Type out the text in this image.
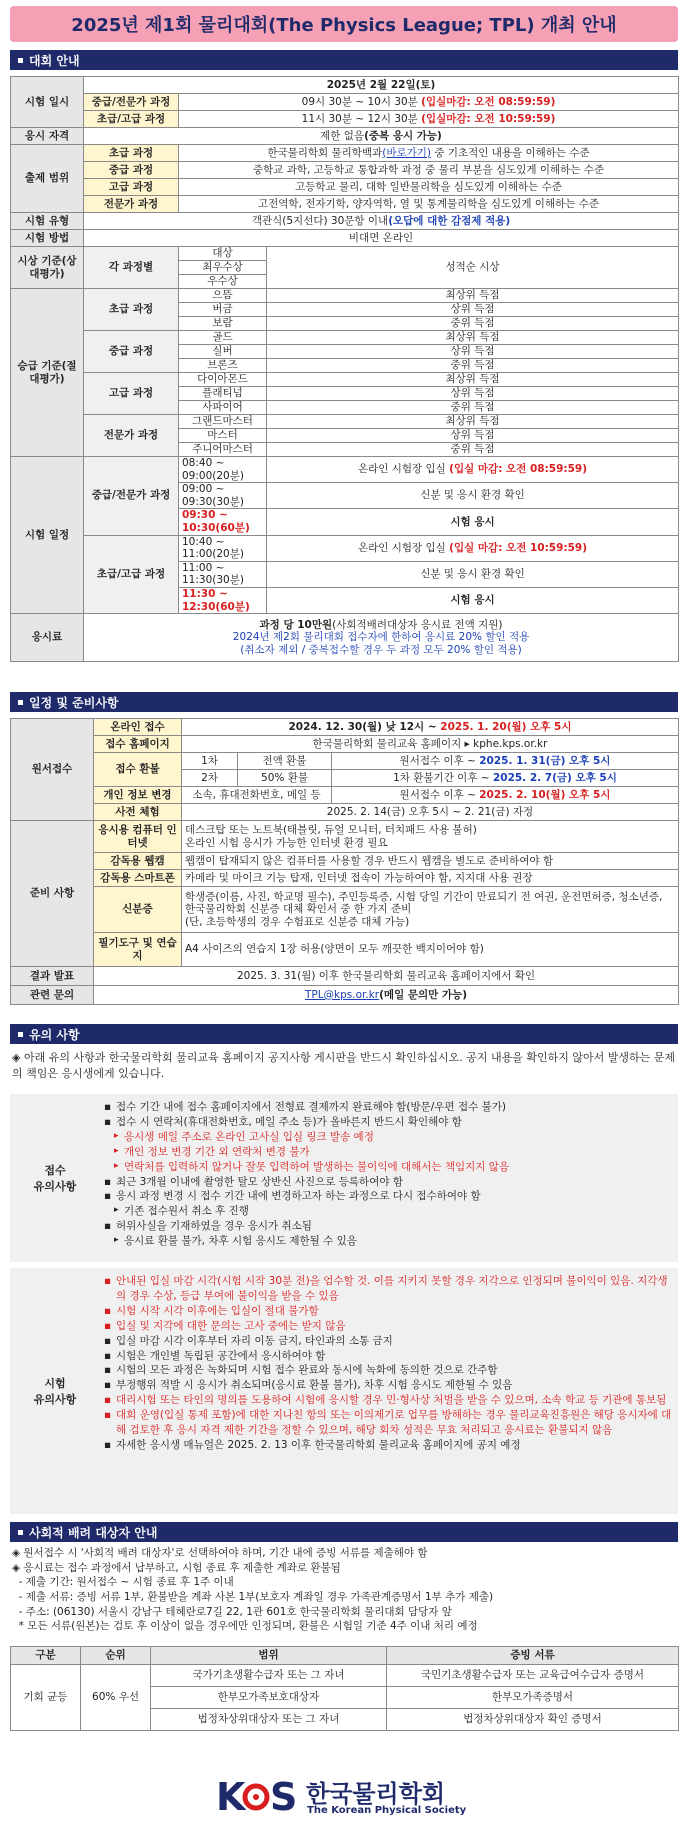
2025년 제1회 물리대회(The Physics League; TPL) 개최 안내
대회 안내
시험 일시	2025년 2월 22일(토)		
	중급/전문가 과정	09시 30분 ~ 10시 30분 (입실마감: 오전 08:59:59)	
	초급/고급 과정	11시 30분 ~ 12시 30분 (입실마감: 오전 10:59:59)	
응시 자격	제한 없음(중복 응시 가능)		
출제 범위	초급 과정	한국물리학회 물리학백과(바로가기) 중 기초적인 내용을 이해하는 수준	
	중급 과정	중학교 과학, 고등학교 통합과학 과정 중 물리 부분을 심도있게 이해하는 수준	
	고급 과정	고등학교 물리, 대학 일반물리학을 심도있게 이해하는 수준	
	전문가 과정	고전역학, 전자기학, 양자역학, 열 및 통계물리학을 심도있게 이해하는 수준	
시험 유형	객관식(5지선다) 30문항 이내(오답에 대한 감점제 적용)		
시험 방법	비대면 온라인		
시상 기준(상대평가)	각 과정별	대상	성적순 시상
		최우수상	
		우수상	
승급 기준(절대평가)	초급 과정	으뜸	최상위 득점
		버금	상위 득점
		보람	중위 득점
	중급 과정	골드	최상위 득점
		실버	상위 득점
		브론즈	중위 득점
	고급 과정	다이아몬드	최상위 득점
		플래티넘	상위 득점
		사파이어	중위 득점
	전문가 과정	그랜드마스터	최상위 득점
		마스터	상위 득점
		주니어마스터	중위 득점
시험 일정	중급/전문가 과정	08:40 ~ 09:00(20분)	온라인 시험장 입실 (입실 마감: 오전 08:59:59)
		09:00 ~ 09:30(30분)	신분 및 응시 환경 확인
		09:30 ~ 10:30(60분)	시험 응시
	초급/고급 과정	10:40 ~ 11:00(20분)	온라인 시험장 입실 (입실 마감: 오전 10:59:59)
		11:00 ~ 11:30(30분)	신분 및 응시 환경 확인
		11:30 ~ 12:30(60분)	시험 응시
응시료	과정 당 10만원(사회적배려대상자 응시료 전액 지원)
2024년 제2회 물리대회 접수자에 한하여 응시료 20% 할인 적용
(취소자 제외 / 중복접수할 경우 두 과정 모두 20% 할인 적용)		
일정 및 준비사항
원서접수	온라인 접수	2024. 12. 30(월) 낮 12시 ~ 2025. 1. 20(월) 오후 5시		
	접수 홈페이지	한국물리학회 물리교육 홈페이지 ▸ kphe.kps.or.kr		
	접수 환불	1차	전액 환불	원서접수 이후 ~ 2025. 1. 31(금) 오후 5시
		2차	50% 환불	1차 환불기간 이후 ~ 2025. 2. 7(금) 오후 5시
	개인 정보 변경	소속, 휴대전화번호, 메일 등		원서접수 이후 ~ 2025. 2. 10(월) 오후 5시
	사전 체험	2025. 2. 14(금) 오후 5시 ~ 2. 21(금) 자정		
준비 사항	응시용 컴퓨터 인터넷	데스크탑 또는 노트북(태블릿, 듀얼 모니터, 터치패드 사용 불허)
온라인 시험 응시가 가능한 인터넷 환경 필요		
	감독용 웹캠	웹캠이 탑재되지 않은 컴퓨터를 사용할 경우 반드시 웹캠을 별도로 준비하여야 함		
	감독용 스마트폰	카메라 및 마이크 기능 탑재, 인터넷 접속이 가능하여야 함, 지지대 사용 권장		
	신분증	학생증(이름, 사진, 학교명 필수), 주민등록증, 시험 당일 기간이 만료되기 전 여권, 운전면허증, 청소년증, 한국물리학회 신분증 대체 확인서 중 한 가지 준비
(단, 초등학생의 경우 수험표로 신분증 대체 가능)		
	필기도구 및 연습지	A4 사이즈의 연습지 1장 허용(양면이 모두 깨끗한 백지이어야 함)		
결과 발표	2025. 3. 31(월) 이후 한국물리학회 물리교육 홈페이지에서 확인			
관련 문의	TPL@kps.or.kr(메일 문의만 가능)			
유의 사항
◈ 아래 유의 사항과 한국물리학회 물리교육 홈페이지 공지사항 게시판을 반드시 확인하십시오. 공지 내용을 확인하지 않아서 발생하는 문제의 책임은 응시생에게 있습니다.
접수
유의사항
▪ 접수 기간 내에 접수 홈페이지에서 전형료 결제까지 완료해야 함(방문/우편 접수 불가)
▪ 접수 시 연락처(휴대전화번호, 메일 주소 등)가 올바른지 반드시 확인해야 함
▸ 응시생 메일 주소로 온라인 고사실 입실 링크 발송 예정
▸ 개인 정보 변경 기간 외 연락처 변경 불가
▸ 연락처를 입력하지 않거나 잘못 입력하여 발생하는 불이익에 대해서는 책임지지 않음
▪ 최근 3개월 이내에 촬영한 탈모 상반신 사진으로 등록하여야 함
▪ 응시 과정 변경 시 접수 기간 내에 변경하고자 하는 과정으로 다시 접수하여야 함
▸ 기존 접수원서 취소 후 진행
▪ 허위사실을 기재하였을 경우 응시가 취소됨
▸ 응시료 환불 불가, 차후 시험 응시도 제한될 수 있음
시험
유의사항
▪ 안내된 입실 마감 시각(시험 시작 30분 전)을 엄수할 것. 이를 지키지 못할 경우 지각으로 인정되며 불이익이 있음. 지각생의 경우 수상, 등급 부여에 불이익을 받을 수 있음
▪ 시험 시작 시각 이후에는 입실이 절대 불가함
▪ 입실 및 지각에 대한 문의는 고사 중에는 받지 않음
▪ 입실 마감 시각 이후부터 자리 이동 금지, 타인과의 소통 금지
▪ 시험은 개인별 독립된 공간에서 응시하여야 함
▪ 시험의 모든 과정은 녹화되며 시험 접수 완료와 동시에 녹화에 동의한 것으로 간주함
▪ 부정행위 적발 시 응시가 취소되며(응시료 환불 불가), 차후 시험 응시도 제한될 수 있음
▪ 대리시험 또는 타인의 명의를 도용하여 시험에 응시할 경우 민·형사상 처벌을 받을 수 있으며, 소속 학교 등 기관에 통보됨
▪ 대회 운영(입실 통제 포함)에 대한 지나친 항의 또는 이의제기로 업무를 방해하는 경우 물리교육진흥원은 해당 응시자에 대해 검토한 후 응시 자격 제한 기간을 정할 수 있으며, 해당 회차 성적은 무효 처리되고 응시료는 환불되지 않음
▪ 자세한 응시생 매뉴얼은 2025. 2. 13 이후 한국물리학회 물리교육 홈페이지에 공지 예정
사회적 배려 대상자 안내
◈ 원서접수 시 '사회적 배려 대상자'로 선택하여야 하며, 기간 내에 증빙 서류를 제출해야 함
◈ 응시료는 접수 과정에서 납부하고, 시험 종료 후 제출한 계좌로 환불됨
- 제출 기간: 원서접수 ~ 시험 종료 후 1주 이내
- 제출 서류: 증빙 서류 1부, 환불받을 계좌 사본 1부(보호자 계좌일 경우 가족관계증명서 1부 추가 제출)
- 주소: (06130) 서울시 강남구 테헤란로7길 22, 1관 601호 한국물리학회 물리대회 담당자 앞
* 모든 서류(원본)는 검토 후 이상이 없을 경우에만 인정되며, 환불은 시험일 기준 4주 이내 처리 예정
구분	순위	범위	증빙 서류
기회 균등	60% 우선	국가기초생활수급자 또는 그 자녀	국민기초생활수급자 또는 교육급여수급자 증명서
		한부모가족보호대상자	한부모가족증명서
		법정차상위대상자 또는 그 자녀	법정차상위대상자 확인 증명서
K S 한국물리학회
The Korean Physical Society
